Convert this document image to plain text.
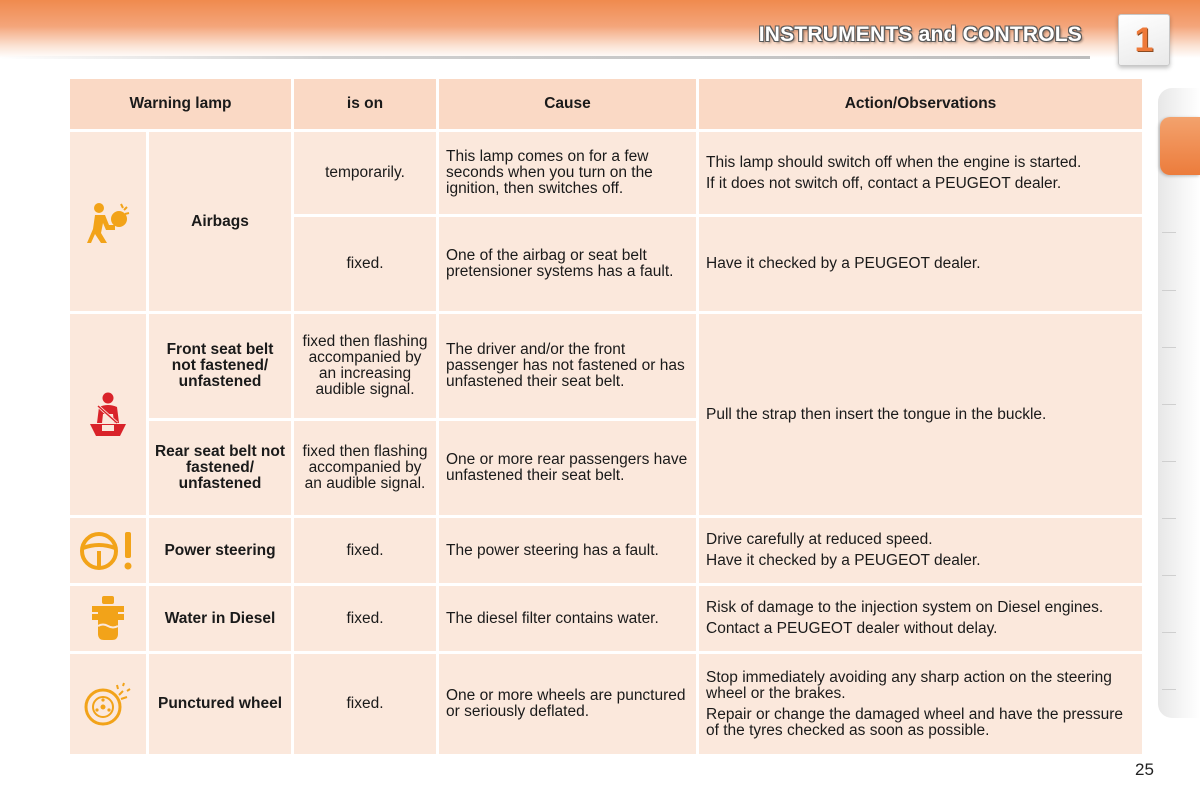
INSTRUMENTS and CONTROLS 1
Warning lamp		is on	Cause	Action/Observations
	Airbags	temporarily.	This lamp comes on for a few seconds when you turn on the ignition, then switches off.	This lamp should switch off when the engine is started.

If it does not switch off, contact a PEUGEOT dealer.

		fixed.	One of the airbag or seat belt pretensioner systems has a fault.	Have it checked by a PEUGEOT dealer.

	Front seat belt not fastened/ unfastened	fixed then flashing accompanied by an increasing audible signal.	The driver and/or the front passenger has not fastened or has unfastened their seat belt.	Pull the strap then insert the tongue in the buckle.

	Rear seat belt not fastened/ unfastened	fixed then flashing accompanied by an audible signal.	One or more rear passengers have unfastened their seat belt.	
	Power steering	fixed.	The power steering has a fault.	Drive carefully at reduced speed.

Have it checked by a PEUGEOT dealer.

	Water in Diesel	fixed.	The diesel filter contains water.	Risk of damage to the injection system on Diesel engines.

Contact a PEUGEOT dealer without delay.

	Punctured wheel	fixed.	One or more wheels are punctured or seriously deflated.	Stop immediately avoiding any sharp action on the steering wheel or the brakes.

Repair or change the damaged wheel and have the pressure of the tyres checked as soon as possible.

25
